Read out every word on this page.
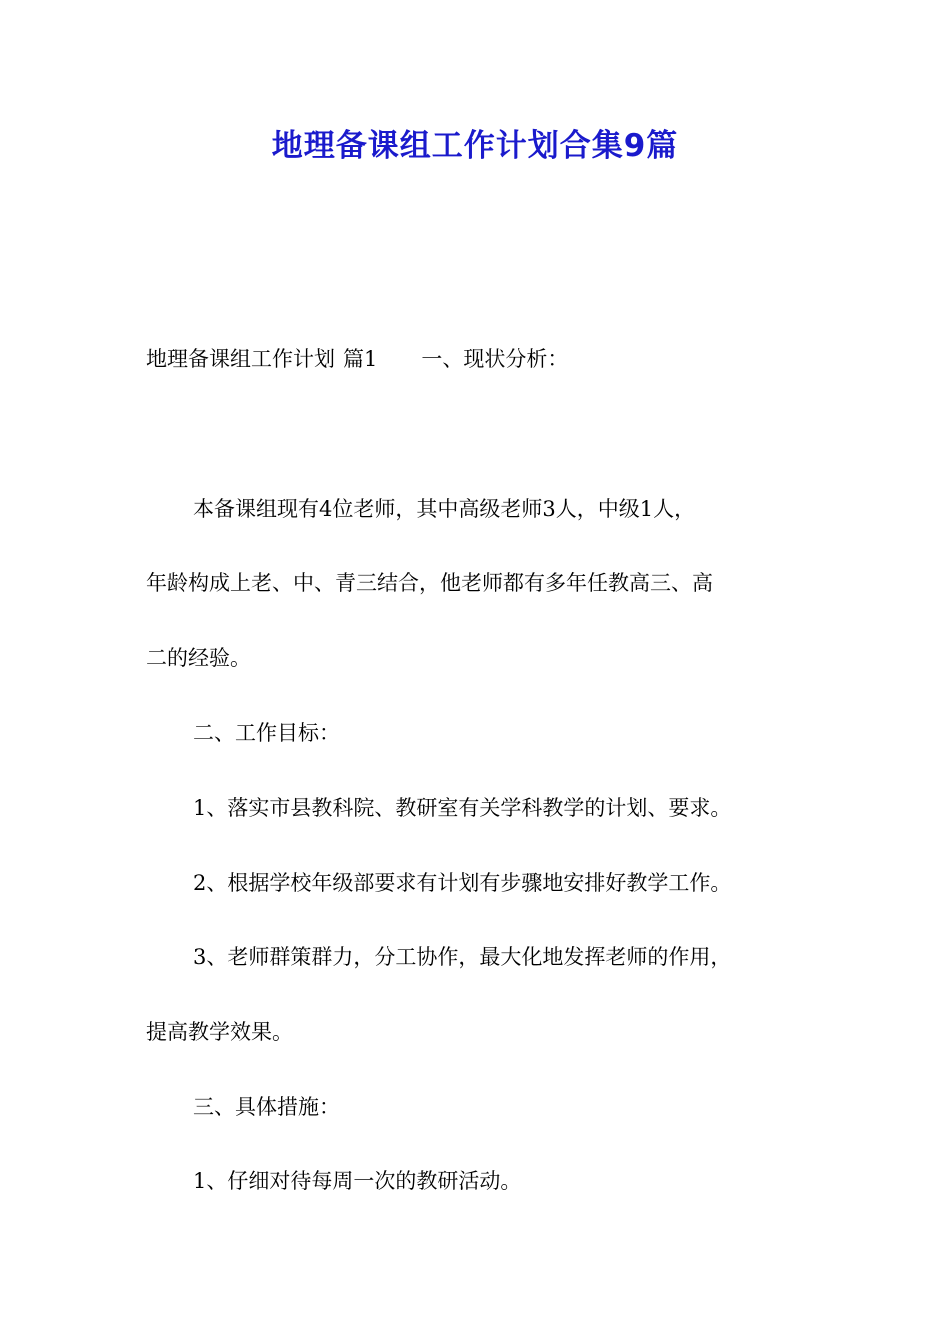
地理备课组工作计划合集9篇
地理备课组工作计划 篇1 一、现状分析：
本备课组现有4位老师，其中高级老师3人，中级1人，
年龄构成上老、中、青三结合，他老师都有多年任教高三、高
二的经验。
二、工作目标：
1、落实市县教科院、教研室有关学科教学的计划、要求。
2、根据学校年级部要求有计划有步骤地安排好教学工作。
3、老师群策群力，分工协作，最大化地发挥老师的作用，
提高教学效果。
三、具体措施：
1、仔细对待每周一次的教研活动。
